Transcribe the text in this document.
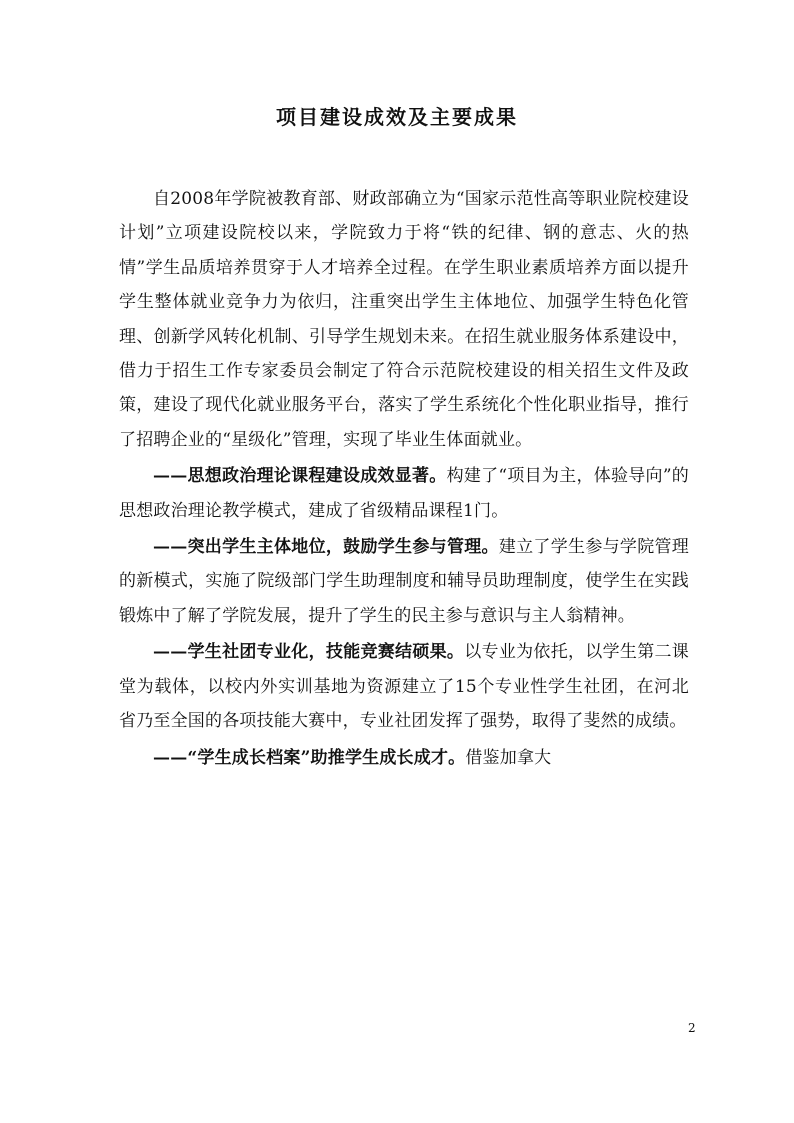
项目建设成效及主要成果

自2008年学院被教育部、财政部确立为“国家示范性高等职业院校建设计划”立项建设院校以来，学院致力于将“铁的纪律、钢的意志、火的热情”学生品质培养贯穿于人才培养全过程。在学生职业素质培养方面以提升学生整体就业竞争力为依归，注重突出学生主体地位、加强学生特色化管理、创新学风转化机制、引导学生规划未来。在招生就业服务体系建设中，借力于招生工作专家委员会制定了符合示范院校建设的相关招生文件及政策，建设了现代化就业服务平台，落实了学生系统化个性化职业指导，推行了招聘企业的“星级化”管理，实现了毕业生体面就业。

——思想政治理论课程建设成效显著。构建了“项目为主，体验导向”的思想政治理论教学模式，建成了省级精品课程1门。

——突出学生主体地位，鼓励学生参与管理。建立了学生参与学院管理的新模式，实施了院级部门学生助理制度和辅导员助理制度，使学生在实践锻炼中了解了学院发展，提升了学生的民主参与意识与主人翁精神。

——学生社团专业化，技能竞赛结硕果。以专业为依托，以学生第二课堂为载体，以校内外实训基地为资源建立了15个专业性学生社团，在河北省乃至全国的各项技能大赛中，专业社团发挥了强势，取得了斐然的成绩。

——“学生成长档案”助推学生成长成才。借鉴加拿大

2
